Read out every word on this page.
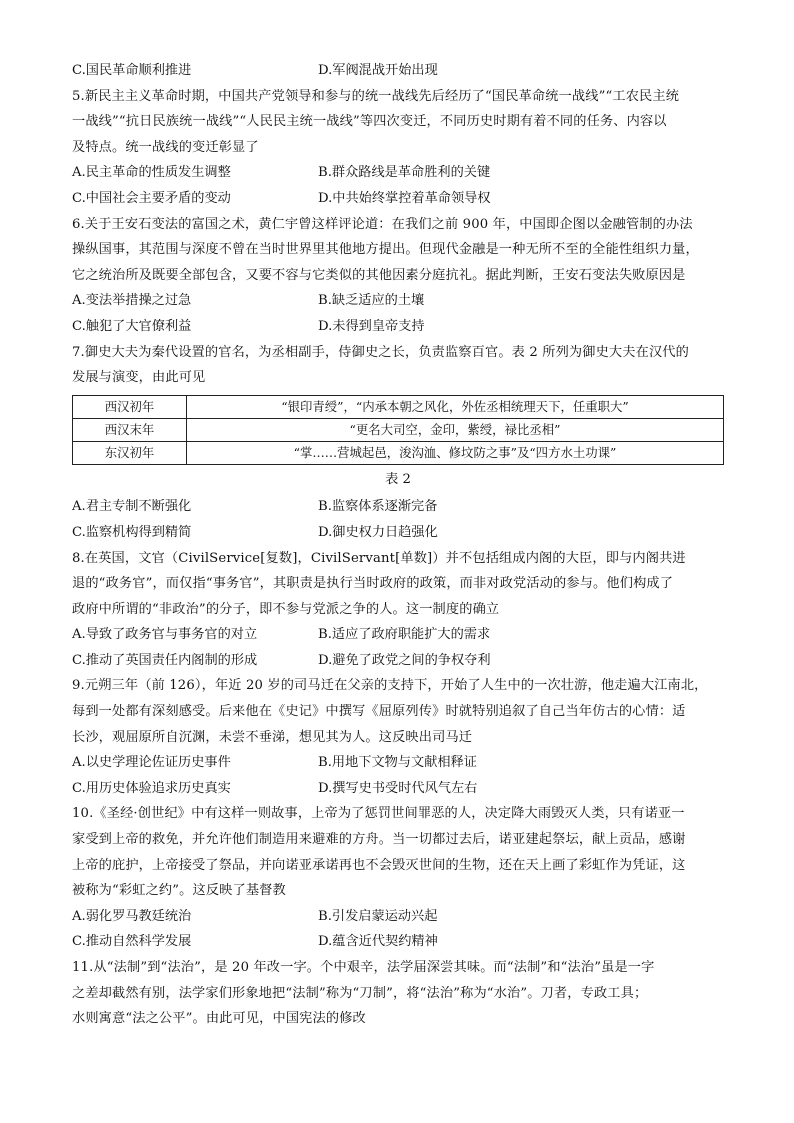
C.国民革命顺利推进	D.军阀混战开始出现
5.新民主主义革命时期，中国共产党领导和参与的统一战线先后经历了“国民革命统一战线”“工农民主统
一战线”“抗日民族统一战线”“人民民主统一战线”等四次变迁，不同历史时期有着不同的任务、内容以
及特点。统一战线的变迁彰显了
A.民主革命的性质发生调整	B.群众路线是革命胜利的关键
C.中国社会主要矛盾的变动	D.中共始终掌控着革命领导权
6.关于王安石变法的富国之术，黄仁宇曾这样评论道：在我们之前 900 年，中国即企图以金融管制的办法
操纵国事，其范围与深度不曾在当时世界里其他地方提出。但现代金融是一种无所不至的全能性组织力量，
它之统治所及既要全部包含，又要不容与它类似的其他因素分庭抗礼。据此判断，王安石变法失败原因是
A.变法举措操之过急	B.缺乏适应的土壤
C.触犯了大官僚利益	D.未得到皇帝支持
7.御史大夫为秦代设置的官名，为丞相副手，侍御史之长，负责监察百官。表 2 所列为御史大夫在汉代的
发展与演变，由此可见
西汉初年	“银印青绶”，“内承本朝之风化，外佐丞相统理天下，任重职大”
西汉末年	“更名大司空，金印，紫绶，禄比丞相”
东汉初年	“掌……营城起邑，浚沟洫、修坟防之事”及“四方水土功课”
表 2
A.君主专制不断强化	B.监察体系逐渐完备
C.监察机构得到精简	D.御史权力日趋强化
8.在英国，文官（CivilService[复数]，CivilServant[单数]）并不包括组成内阁的大臣，即与内阁共进
退的“政务官”，而仅指“事务官”，其职责是执行当时政府的政策，而非对政党活动的参与。他们构成了
政府中所谓的“非政治”的分子，即不参与党派之争的人。这一制度的确立
A.导致了政务官与事务官的对立	B.适应了政府职能扩大的需求
C.推动了英国责任内阁制的形成	D.避免了政党之间的争权夺利
9.元朔三年（前 126），年近 20 岁的司马迁在父亲的支持下，开始了人生中的一次壮游，他走遍大江南北，
每到一处都有深刻感受。后来他在《史记》中撰写《屈原列传》时就特别追叙了自己当年仿古的心情：适
长沙，观屈原所自沉渊，未尝不垂涕，想见其为人。这反映出司马迁
A.以史学理论佐证历史事件	B.用地下文物与文献相释证
C.用历史体验追求历史真实	D.撰写史书受时代风气左右
10.《圣经·创世纪》中有这样一则故事，上帝为了惩罚世间罪恶的人，决定降大雨毁灭人类，只有诺亚一
家受到上帝的救免，并允许他们制造用来避难的方舟。当一切都过去后，诺亚建起祭坛，献上贡品，感谢
上帝的庇护，上帝接受了祭品，并向诺亚承诺再也不会毁灭世间的生物，还在天上画了彩虹作为凭证，这
被称为“彩虹之约”。这反映了基督教
A.弱化罗马教廷统治	B.引发启蒙运动兴起
C.推动自然科学发展	D.蕴含近代契约精神
11.从“法制”到“法治”，是 20 年改一字。个中艰辛，法学届深尝其味。而“法制”和“法治”虽是一字
之差却截然有别，法学家们形象地把“法制”称为“刀制”，将“法治”称为“水治”。刀者，专政工具；
水则寓意“法之公平”。由此可见，中国宪法的修改
